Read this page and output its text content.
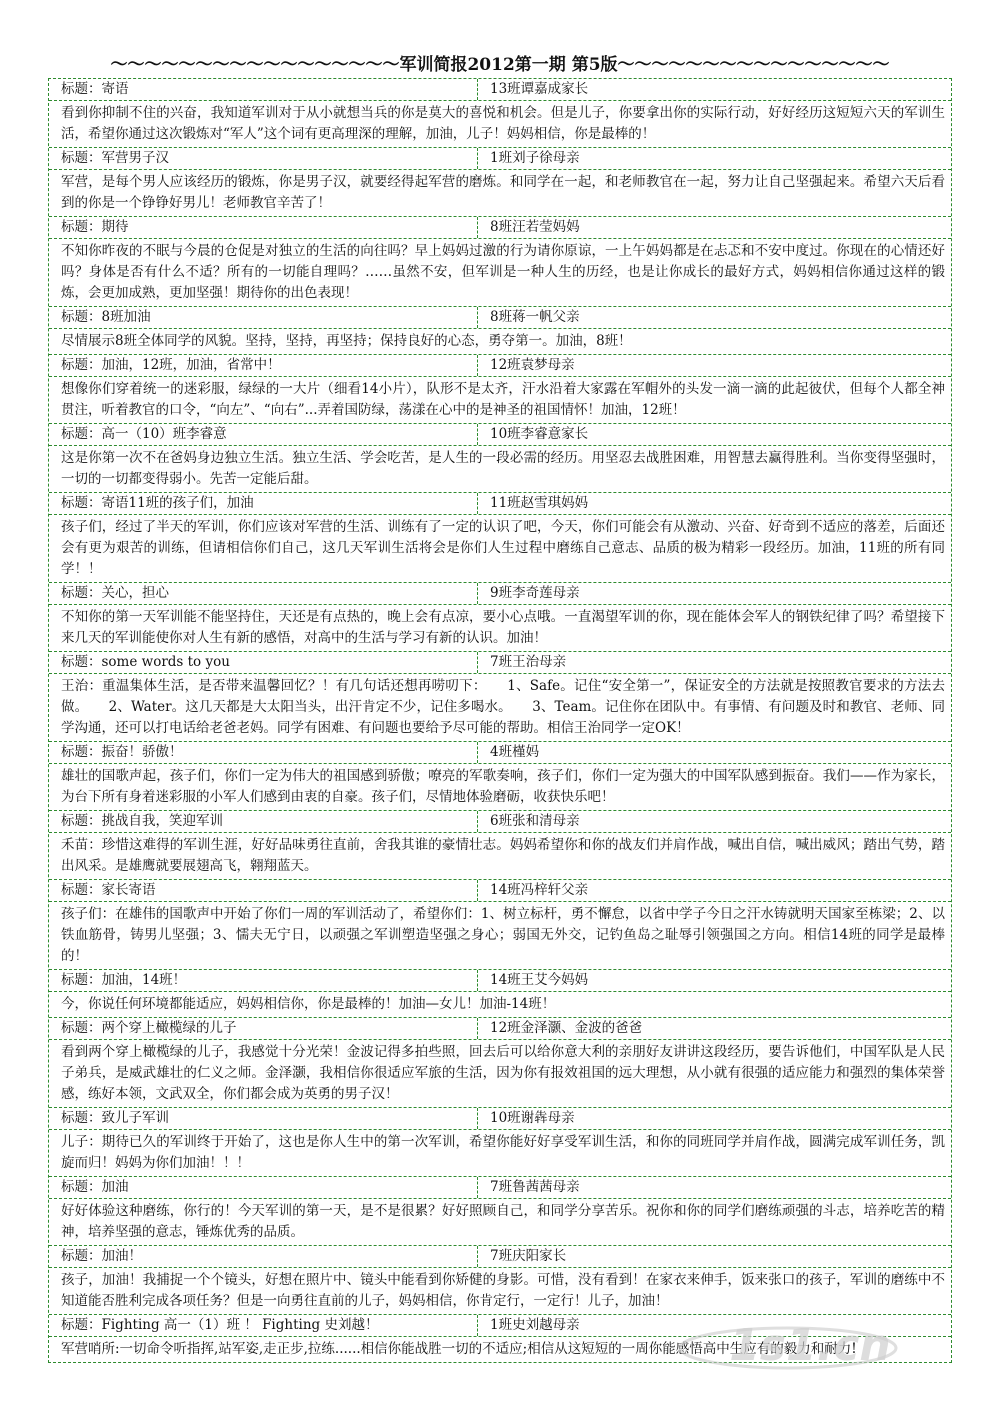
～～～～～～～～～～～～～～～～～军训简报2012第一期 第5版～～～～～～～～～～～～～～～～
标题：寄语	13班谭嘉成家长
看到你抑制不住的兴奋，我知道军训对于从小就想当兵的你是莫大的喜悦和机会。但是儿子，你要拿出你的实际行动，好好经历这短短六天的军训生活，希望你通过这次锻炼对“军人”这个词有更高理深的理解，加油，儿子！妈妈相信，你是最棒的！
标题：军营男子汉	1班刘子徐母亲
军营，是每个男人应该经历的锻炼，你是男子汉，就要经得起军营的磨炼。和同学在一起，和老师教官在一起，努力让自己坚强起来。希望六天后看到的你是一个铮铮好男儿！老师教官辛苦了！
标题：期待	8班汪若莹妈妈
不知你昨夜的不眠与今晨的仓促是对独立的生活的向往吗？早上妈妈过激的行为请你原谅，一上午妈妈都是在忐忑和不安中度过。你现在的心情还好吗？身体是否有什么不适？所有的一切能自理吗？……虽然不安，但军训是一种人生的历经，也是让你成长的最好方式，妈妈相信你通过这样的锻炼，会更加成熟，更加坚强！期待你的出色表现！
标题：8班加油	8班蒋一帆父亲
尽情展示8班全体同学的风貌。坚持，坚持，再坚持；保持良好的心态，勇夺第一。加油，8班！
标题：加油，12班，加油，省常中！	12班袁梦母亲
想像你们穿着统一的迷彩服，绿绿的一大片（细看14小片），队形不是太齐，汗水沿着大家露在军帽外的头发一滴一滴的此起彼伏，但每个人都全神贯注，听着教官的口令，“向左”、“向右”...弄着国防绿，荡漾在心中的是神圣的祖国情怀！加油，12班！
标题：高一（10）班李睿意	10班李睿意家长
这是你第一次不在爸妈身边独立生活。独立生活、学会吃苦，是人生的一段必需的经历。用坚忍去战胜困难，用智慧去赢得胜利。当你变得坚强时，一切的一切都变得弱小。先苦一定能后甜。
标题：寄语11班的孩子们，加油	11班赵雪琪妈妈
孩子们，经过了半天的军训，你们应该对军营的生活、训练有了一定的认识了吧，今天，你们可能会有从激动、兴奋、好奇到不适应的落差，后面还会有更为艰苦的训练，但请相信你们自己，这几天军训生活将会是你们人生过程中磨练自己意志、品质的极为精彩一段经历。加油，11班的所有同学！！
标题：关心，担心	9班李奇莲母亲
不知你的第一天军训能不能坚持住，天还是有点热的，晚上会有点凉，要小心点哦。一直渴望军训的你，现在能体会军人的钢铁纪律了吗？希望接下来几天的军训能使你对人生有新的感悟，对高中的生活与学习有新的认识。加油！
标题：some words to you	7班王治母亲
王治：重温集体生活，是否带来温馨回忆？！有几句话还想再唠叨下：　　1、Safe。记住“安全第一”，保证安全的方法就是按照教官要求的方法去做。　　2、Water。这几天都是大太阳当头，出汗肯定不少，记住多喝水。　　3、Team。记住你在团队中。有事情、有问题及时和教官、老师、同学沟通，还可以打电话给老爸老妈。同学有困难、有问题也要给予尽可能的帮助。相信王治同学一定OK！
标题：振奋！骄傲！	4班槿妈
雄壮的国歌声起，孩子们，你们一定为伟大的祖国感到骄傲；嘹亮的军歌奏响，孩子们，你们一定为强大的中国军队感到振奋。我们——作为家长，为台下所有身着迷彩服的小军人们感到由衷的自豪。孩子们，尽情地体验磨砺，收获快乐吧！
标题：挑战自我，笑迎军训	6班张和清母亲
禾苗：珍惜这难得的军训生涯，好好品味勇往直前，舍我其谁的豪情壮志。妈妈希望你和你的战友们并肩作战，喊出自信，喊出威风；踏出气势，踏出风采。是雄鹰就要展翅高飞，翱翔蓝天。
标题：家长寄语	14班冯梓轩父亲
孩子们：在雄伟的国歌声中开始了你们一周的军训活动了，希望你们：1、树立标杆，勇不懈怠，以省中学子今日之汗水铸就明天国家至栋梁；2、以铁血筋骨，铸男儿坚强；3、懦夫无宁日，以顽强之军训塑造坚强之身心；弱国无外交，记钓鱼岛之耻辱引领强国之方向。相信14班的同学是最棒的！
标题：加油，14班！	14班王艾今妈妈
今，你说任何环境都能适应，妈妈相信你，你是最棒的！加油—女儿！加油-14班！
标题：两个穿上橄榄绿的儿子	12班金泽灏、金波的爸爸
看到两个穿上橄榄绿的儿子，我感觉十分光荣！金波记得多拍些照，回去后可以给你意大利的亲朋好友讲讲这段经历，要告诉他们，中国军队是人民子弟兵，是威武雄壮的仁义之师。金泽灏，我相信你很适应军旅的生活，因为你有报效祖国的远大理想，从小就有很强的适应能力和强烈的集体荣誉感，练好本领，文武双全，你们都会成为英勇的男子汉！
标题：致儿子军训	10班谢犇母亲
儿子：期待已久的军训终于开始了，这也是你人生中的第一次军训，希望你能好好享受军训生活，和你的同班同学并肩作战，圆满完成军训任务，凯旋而归！妈妈为你们加油！！！
标题：加油	7班鲁茜茜母亲
好好体验这种磨练，你行的！今天军训的第一天，是不是很累？好好照顾自己，和同学分享苦乐。祝你和你的同学们磨练顽强的斗志，培养吃苦的精神，培养坚强的意志，锤炼优秀的品质。
标题：加油！	7班庆阳家长
孩子，加油！我捕捉一个个镜头，好想在照片中、镜头中能看到你矫健的身影。可惜，没有看到！在家衣来伸手，饭来张口的孩子，军训的磨练中不知道能否胜利完成各项任务？但是一向勇往直前的儿子，妈妈相信，你肯定行，一定行！儿子，加油！
标题：Fighting 高一（1）班 ！ Fighting 史刘越！	1班史刘越母亲
军营哨所:一切命令听指挥,站军姿,走正步,拉练......相信你能战胜一切的不适应;相信从这短短的一周你能感悟高中生应有的毅力和耐力!
1s1.cn
